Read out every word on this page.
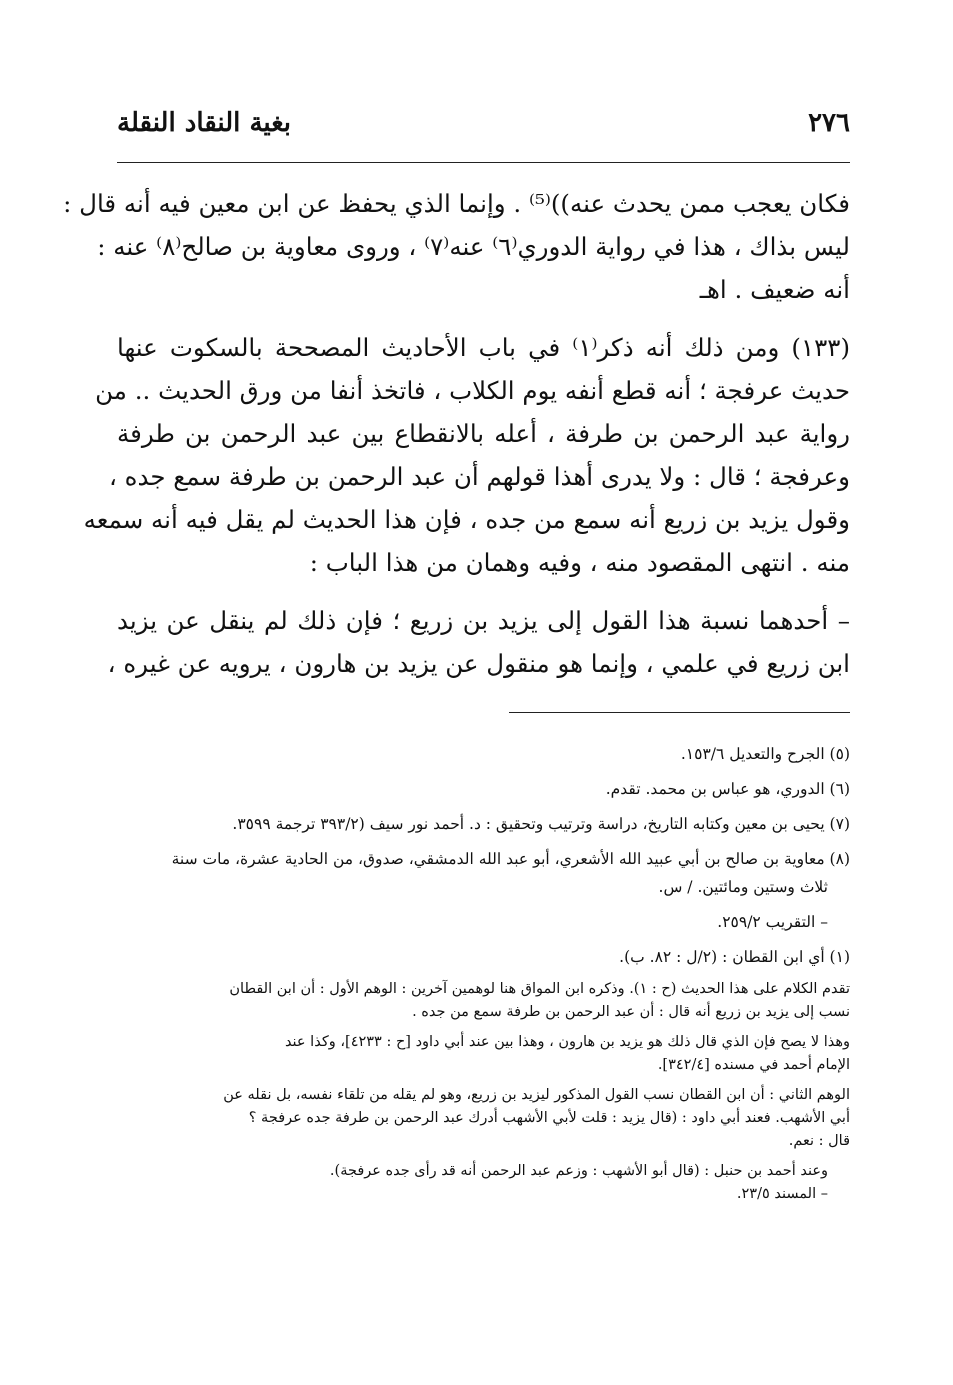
٢٧٦
بغية النقاد النقلة

فكان يعجب ممن يحدث عنه))⁽⁵⁾ . وإنما الذي يحفظ عن ابن معين فيه أنه قال :
ليس بذاك ، هذا في رواية الدوري⁽٦⁾ عنه⁽٧⁾ ، وروى معاوية بن صالح⁽٨⁾ عنه :
أنه ضعيف . اهـ

(١٣٣) ومن ذلك أنه ذكر⁽١⁾ في باب الأحاديث المصححة بالسكوت عنها
حديث عرفجة ؛ أنه قطع أنفه يوم الكلاب ، فاتخذ أنفا من ورق الحديث .. من
رواية عبد الرحمن بن طرفة ، أعله بالانقطاع بين عبد الرحمن بن طرفة
وعرفجة ؛ قال : ولا يدرى أهذا قولهم أن عبد الرحمن بن طرفة سمع جده ،
وقول يزيد بن زريع أنه سمع من جده ، فإن هذا الحديث لم يقل فيه أنه سمعه
منه . انتهى المقصود منه ، وفيه وهمان من هذا الباب :

– أحدهما نسبة هذا القول إلى يزيد بن زريع ؛ فإن ذلك لم ينقل عن يزيد
ابن زريع في علمي ، وإنما هو منقول عن يزيد بن هارون ، يرويه عن غيره ،

(٥) الجرح والتعديل ١٥٣/٦.
(٦) الدوري، هو عباس بن محمد. تقدم.
(٧) يحيى بن معين وكتابه التاريخ، دراسة وترتيب وتحقيق : د. أحمد نور سيف (٣٩٣/٢ ترجمة ٣٥٩٩.
(٨) معاوية بن صالح بن أبي عبيد الله الأشعري، أبو عبد الله الدمشقي، صدوق، من الحادية عشرة، مات سنة
ثلاث وستين ومائتين. / س.
– التقريب ٢٥٩/٢.
(١) أي ابن القطان : (٢/ل : ٨٢. ب).
تقدم الكلام على هذا الحديث (ح : ١). وذكره ابن المواق هنا لوهمين آخرين : الوهم الأول : أن ابن القطان
نسب إلى يزيد بن زريع أنه قال : أن عبد الرحمن بن طرفة سمع من جده .
وهذا لا يصح فإن الذي قال ذلك هو يزيد بن هارون ، وهذا بين عند أبي داود [ح : ٤٢٣٣]، وكذا عند
الإمام أحمد في مسنده [٣٤٢/٤].
الوهم الثاني : أن ابن القطان نسب القول المذكور ليزيد بن زريع، وهو لم يقله من تلقاء نفسه، بل نقله عن
أبي الأشهب. فعند أبي داود : (قال يزيد : قلت لأبي الأشهب أدرك عبد الرحمن بن طرفة جده عرفجة ؟
قال : نعم.
وعند أحمد بن حنبل : (قال أبو الأشهب : وزعم عبد الرحمن أنه قد رأى جده عرفجة).
– المسند ٢٣/٥.
